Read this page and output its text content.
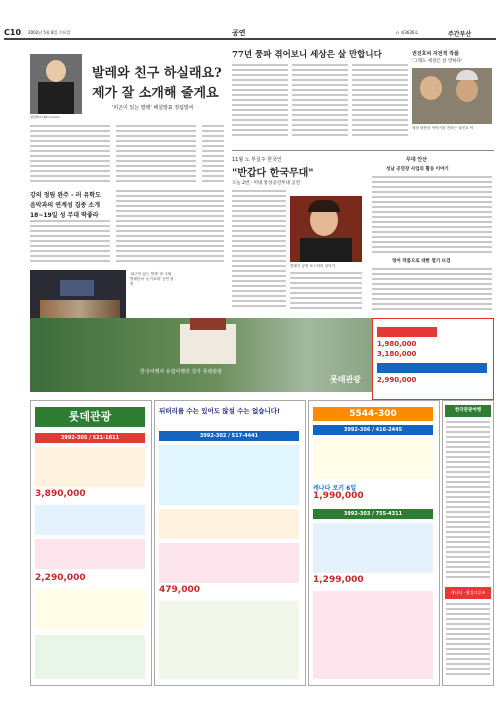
C10 2002년 5월 8일 수요일	공연	◇ 제3636호	주간부산
정팀발씨 (Kim Insoo)
발레와 친구 하실래요?
제가 잘 소개해 줄게요
'피곤이 있는 발레' 해설발표 정팀발씨
강의 정팀 완주 - 러 유학도
음악과의 연계성 집중 소개
18~19일 성 무대 딱좋라
'피곤이 있는 발레' 중 국립발레단의 '돈키호테' 공연 장면
77년 풍파 겪어보니 세상은 살 만합니다	권진호씨 자전적 작품
'그래도 세상은 살 만하다'
세상 따뜻한 이야기를 전하는 권진호 씨
11월 노 부실주 한국인
"반갑다 한국무대"
오늘 2번 · 미네 통상공연무대 공연
클래식 공연 포스터의 성악가
무대 안산
성남 공연장 사업의 활동 이야기
영어 작품으로 대한 열기 뜨겁
한국여행사 유럽여행의 강자 롯데관광
롯데관광
1,980,000
3,180,000
2,990,000
롯데관광
3992-305 / 521-1811
3,890,000
2,290,000
뒤떠리를 수는 있어도 않설 수는 없습니다!
3992-302 / 517-4441
479,000
5544-300
3992-306 / 416-2445
캐나다 로키 6일
1,990,000
3992-303 / 755-4311
1,299,000
한국관광여행
캐나다 · 왕실크루즈
